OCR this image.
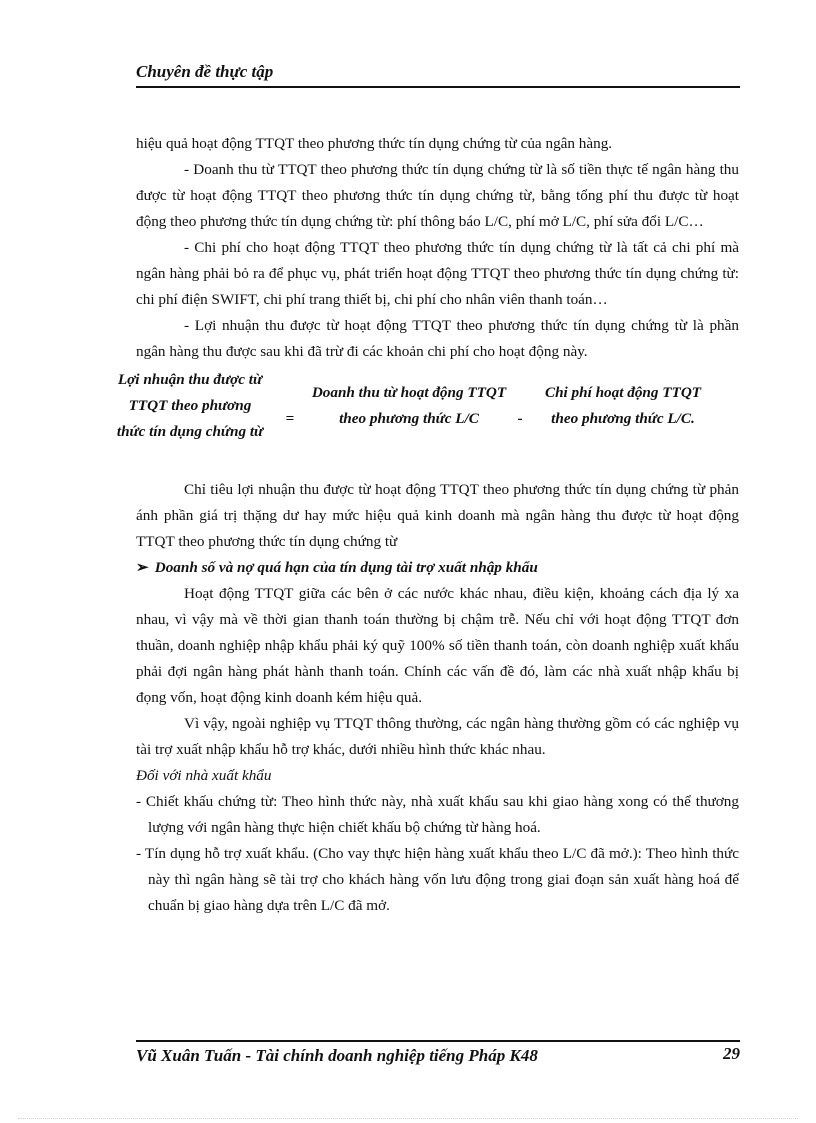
Chuyên đề thực tập

hiệu quả hoạt động TTQT theo phương thức tín dụng chứng từ của ngân hàng.

- Doanh thu từ TTQT theo phương thức tín dụng chứng từ là số tiền thực tế ngân hàng thu được từ hoạt động TTQT theo phương thức tín dụng chứng từ, bằng tổng phí thu được từ hoạt động theo phương thức tín dụng chứng từ: phí thông báo L/C, phí mở L/C, phí sửa đổi L/C…

- Chi phí cho hoạt động TTQT theo phương thức tín dụng chứng từ là tất cả chi phí mà ngân hàng phải bỏ ra để phục vụ, phát triển hoạt động TTQT theo phương thức tín dụng chứng từ: chi phí điện SWIFT, chi phí trang thiết bị, chi phí cho nhân viên thanh toán…

- Lợi nhuận thu được từ hoạt động TTQT theo phương thức tín dụng chứng từ là phần ngân hàng thu được sau khi đã trừ đi các khoản chi phí cho hoạt động này.

Lợi nhuận thu được từ TTQT theo phương thức tín dụng chứng từ
=
Doanh thu từ hoạt động TTQT theo phương thức L/C	-
Chi phí hoạt động TTQT theo phương thức L/C.

Chỉ tiêu lợi nhuận thu được từ hoạt động TTQT theo phương thức tín dụng chứng từ phản ánh phần giá trị thặng dư hay mức hiệu quả kinh doanh mà ngân hàng thu được từ hoạt động TTQT theo phương thức tín dụng chứng từ

➢ Doanh số và nợ quá hạn của tín dụng tài trợ xuất nhập khẩu

Hoạt động TTQT giữa các bên ở các nước khác nhau, điều kiện, khoảng cách địa lý xa nhau, vì vậy mà về thời gian thanh toán thường bị chậm trễ. Nếu chỉ với hoạt động TTQT đơn thuần, doanh nghiệp nhập khẩu phải ký quỹ 100% số tiền thanh toán, còn doanh nghiệp xuất khẩu phải đợi ngân hàng phát hành thanh toán. Chính các vấn đề đó, làm các nhà xuất nhập khẩu bị đọng vốn, hoạt động kinh doanh kém hiệu quả.

Vì vậy, ngoài nghiệp vụ TTQT thông thường, các ngân hàng thường gồm có các nghiệp vụ tài trợ xuất nhập khẩu hỗ trợ khác, dưới nhiều hình thức khác nhau.

Đối với nhà xuất khẩu

- Chiết khấu chứng từ: Theo hình thức này, nhà xuất khẩu sau khi giao hàng xong có thể thương lượng với ngân hàng thực hiện chiết khấu bộ chứng từ hàng hoá.

- Tín dụng hỗ trợ xuất khẩu. (Cho vay thực hiện hàng xuất khẩu theo L/C đã mở.): Theo hình thức này thì ngân hàng sẽ tài trợ cho khách hàng vốn lưu động trong giai đoạn sản xuất hàng hoá để chuẩn bị giao hàng dựa trên L/C đã mở.

Vũ Xuân Tuấn - Tài chính doanh nghiệp tiếng Pháp K48	29
